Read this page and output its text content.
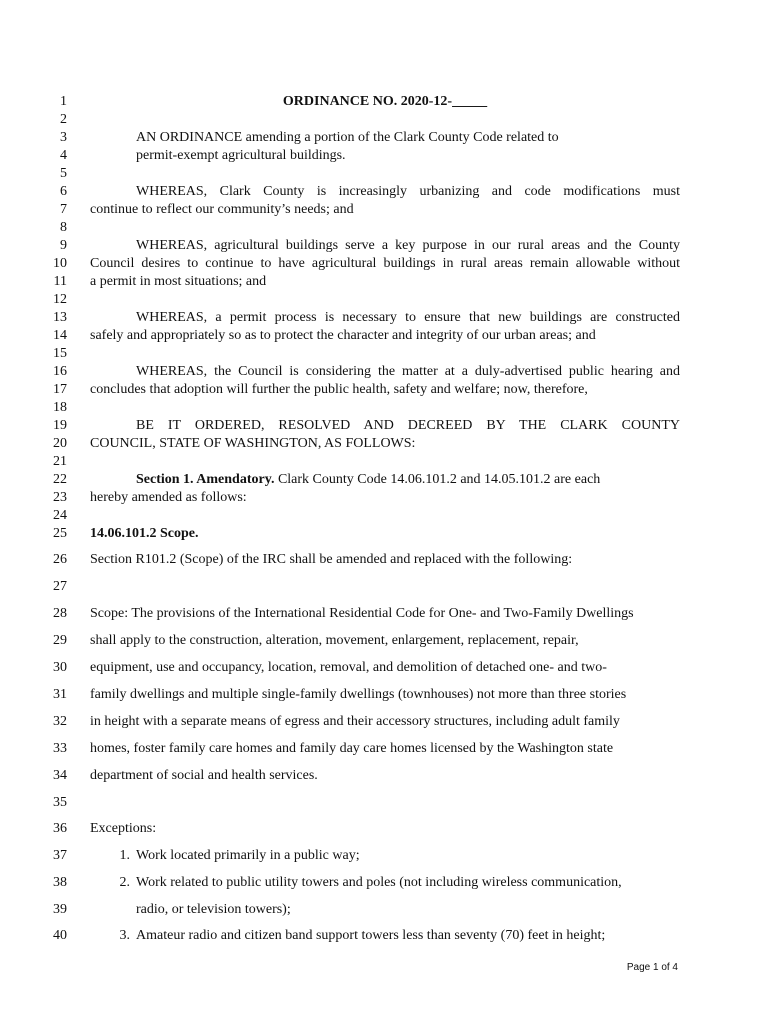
1
2
3
4
5
6
7
8
9
10
11
12
13
14
15
16
17
18
19
20
21
22
23
24
25
26
27
28
29
30
31
32
33
34
35
36
37
38
39
40
ORDINANCE NO. 2020-12-_____
AN ORDINANCE amending a portion of the Clark County Code related to
permit-exempt agricultural buildings.
WHEREAS, Clark County is increasingly urbanizing and code modifications must
continue to reflect our community’s needs; and
WHEREAS, agricultural buildings serve a key purpose in our rural areas and the County
Council desires to continue to have agricultural buildings in rural areas remain allowable without
a permit in most situations; and
WHEREAS, a permit process is necessary to ensure that new buildings are constructed
safely and appropriately so as to protect the character and integrity of our urban areas; and
WHEREAS, the Council is considering the matter at a duly-advertised public hearing and
concludes that adoption will further the public health, safety and welfare; now, therefore,
BE IT ORDERED, RESOLVED AND DECREED BY THE CLARK COUNTY
COUNCIL, STATE OF WASHINGTON, AS FOLLOWS:
Section 1. Amendatory. Clark County Code 14.06.101.2 and 14.05.101.2 are each
hereby amended as follows:
14.06.101.2 Scope.
Section R101.2 (Scope) of the IRC shall be amended and replaced with the following:
Scope: The provisions of the International Residential Code for One- and Two-Family Dwellings
shall apply to the construction, alteration, movement, enlargement, replacement, repair,
equipment, use and occupancy, location, removal, and demolition of detached one- and two-
family dwellings and multiple single-family dwellings (townhouses) not more than three stories
in height with a separate means of egress and their accessory structures, including adult family
homes, foster family care homes and family day care homes licensed by the Washington state
department of social and health services.
Exceptions:
1. Work located primarily in a public way;
2. Work related to public utility towers and poles (not including wireless communication,
radio, or television towers);
3. Amateur radio and citizen band support towers less than seventy (70) feet in height;
Page 1 of 4
